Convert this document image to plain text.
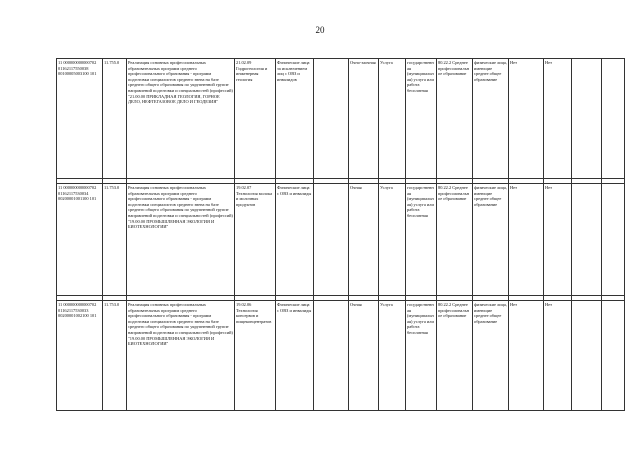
20
11 000000000000702 01162117550038 00100005003100 101	11.755.0	Реализация основных профессиональных образовательных программ среднего профессионального образования - программ подготовки специалистов среднего звена на базе среднего общего образования по укрупненной группе направлений подготовки и специальностей (профессий) "21.00.00 ПРИКЛАДНАЯ ГЕОЛОГИЯ, ГОРНОЕ ДЕЛО, НЕФТЕГАЗОВОЕ ДЕЛО И ГЕОДЕЗИЯ"	21.02.09 Гидрогеология и инженерная геология	Физические лица за исключением лиц с ОВЗ и инвалидов		Очно-заочная	Услуга	государственная (муниципальная) услуга или работа бесплатная	80.22.2 Среднее профессиональное образование	физические лица, имеющие среднее общее образование	Нет	Нет		

11 000000000000702 01162117530034 00200001001100 101	11.753.0	Реализация основных профессиональных образовательных программ среднего профессионального образования - программ подготовки специалистов среднего звена на базе среднего общего образования по укрупненной группе направлений подготовки и специальностей (профессий) "19.00.00 ПРОМЫШЛЕННАЯ ЭКОЛОГИЯ И БИОТЕХНОЛОГИИ"	19.02.07 Технология молока и молочных продуктов	Физические лица с ОВЗ и инвалиды		Очная	Услуга	государственная (муниципальная) услуга или работа бесплатная	80.22.2 Среднее профессиональное образование	физические лица, имеющие среднее общее образование	Нет	Нет		

11 000000000000702 01162117530033 00200001002100 101	11.753.0	Реализация основных профессиональных образовательных программ среднего профессионального образования - программ подготовки специалистов среднего звена на базе среднего общего образования по укрупненной группе направлений подготовки и специальностей (профессий) "19.00.00 ПРОМЫШЛЕННАЯ ЭКОЛОГИЯ И БИОТЕХНОЛОГИИ"	19.02.06 Технология консервов и пищеконцентратов	Физические лица с ОВЗ и инвалиды		Очная	Услуга	государственная (муниципальная) услуга или работа бесплатная	80.22.2 Среднее профессиональное образование	физические лица, имеющие среднее общее образование	Нет	Нет		
